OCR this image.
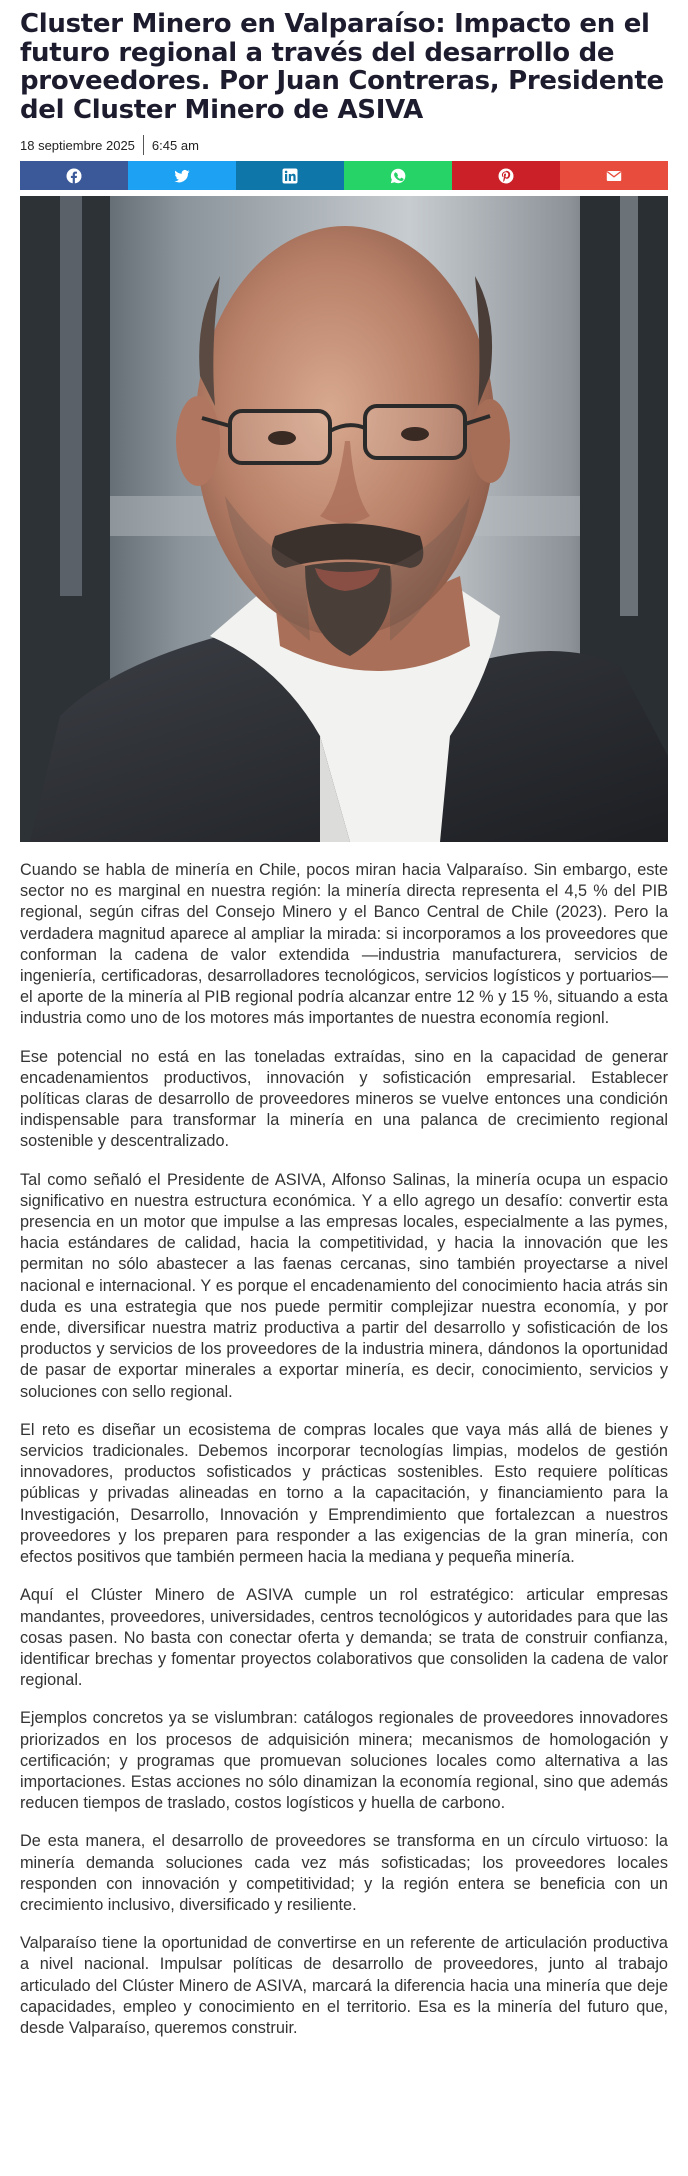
Cluster Minero en Valparaíso: Impacto en el futuro regional a través del desarrollo de proveedores. Por Juan Contreras, Presidente del Cluster Minero de ASIVA
18 septiembre 2025 6:45 am

Cuando se habla de minería en Chile, pocos miran hacia Valparaíso. Sin embargo, este sector no es marginal en nuestra región: la minería directa representa el 4,5 % del PIB regional, según cifras del Consejo Minero y el Banco Central de Chile (2023). Pero la verdadera magnitud aparece al ampliar la mirada: si incorporamos a los proveedores que conforman la cadena de valor extendida —industria manufacturera, servicios de ingeniería, certificadoras, desarrolladores tecnológicos, servicios logísticos y portuarios— el aporte de la minería al PIB regional podría alcanzar entre 12 % y 15 %, situando a esta industria como uno de los motores más importantes de nuestra economía regionl.

Ese potencial no está en las toneladas extraídas, sino en la capacidad de generar encadenamientos productivos, innovación y sofisticación empresarial. Establecer políticas claras de desarrollo de proveedores mineros se vuelve entonces una condición indispensable para transformar la minería en una palanca de crecimiento regional sostenible y descentralizado.

Tal como señaló el Presidente de ASIVA, Alfonso Salinas, la minería ocupa un espacio significativo en nuestra estructura económica. Y a ello agrego un desafío: convertir esta presencia en un motor que impulse a las empresas locales, especialmente a las pymes, hacia estándares de calidad, hacia la competitividad, y hacia la innovación que les permitan no sólo abastecer a las faenas cercanas, sino también proyectarse a nivel nacional e internacional. Y es porque el encadenamiento del conocimiento hacia atrás sin duda es una estrategia que nos puede permitir complejizar nuestra economía, y por ende, diversificar nuestra matriz productiva a partir del desarrollo y sofisticación de los productos y servicios de los proveedores de la industria minera, dándonos la oportunidad de pasar de exportar minerales a exportar minería, es decir, conocimiento, servicios y soluciones con sello regional.

El reto es diseñar un ecosistema de compras locales que vaya más allá de bienes y servicios tradicionales. Debemos incorporar tecnologías limpias, modelos de gestión innovadores, productos sofisticados y prácticas sostenibles. Esto requiere políticas públicas y privadas alineadas en torno a la capacitación, y financiamiento para la Investigación, Desarrollo, Innovación y Emprendimiento que fortalezcan a nuestros proveedores y los preparen para responder a las exigencias de la gran minería, con efectos positivos que también permeen hacia la mediana y pequeña minería.

Aquí el Clúster Minero de ASIVA cumple un rol estratégico: articular empresas mandantes, proveedores, universidades, centros tecnológicos y autoridades para que las cosas pasen. No basta con conectar oferta y demanda; se trata de construir confianza, identificar brechas y fomentar proyectos colaborativos que consoliden la cadena de valor regional.

Ejemplos concretos ya se vislumbran: catálogos regionales de proveedores innovadores priorizados en los procesos de adquisición minera; mecanismos de homologación y certificación; y programas que promuevan soluciones locales como alternativa a las importaciones. Estas acciones no sólo dinamizan la economía regional, sino que además reducen tiempos de traslado, costos logísticos y huella de carbono.

De esta manera, el desarrollo de proveedores se transforma en un círculo virtuoso: la minería demanda soluciones cada vez más sofisticadas; los proveedores locales responden con innovación y competitividad; y la región entera se beneficia con un crecimiento inclusivo, diversificado y resiliente.

Valparaíso tiene la oportunidad de convertirse en un referente de articulación productiva a nivel nacional. Impulsar políticas de desarrollo de proveedores, junto al trabajo articulado del Clúster Minero de ASIVA, marcará la diferencia hacia una minería que deje capacidades, empleo y conocimiento en el territorio. Esa es la minería del futuro que, desde Valparaíso, queremos construir.
